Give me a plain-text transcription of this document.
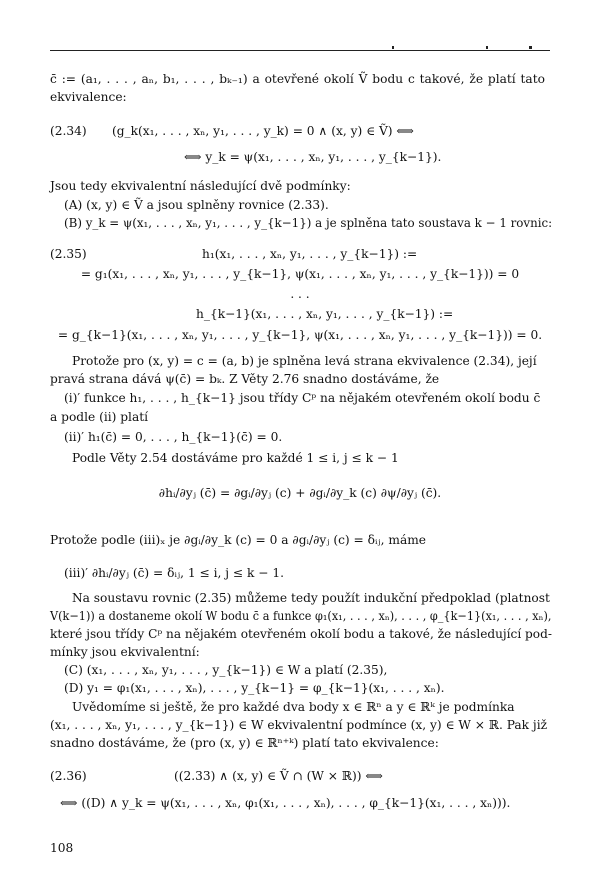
c̄ := (a₁, . . . , aₙ, b₁, . . . , bₖ₋₁) a otevřené okolí Ṽ bodu c takové, že platí tato
ekvivalence:
(2.34) (g_k(x₁, . . . , xₙ, y₁, . . . , y_k) = 0 ∧ (x, y) ∈ Ṽ) ⟺
⟺ y_k = ψ(x₁, . . . , xₙ, y₁, . . . , y_{k−1}).
Jsou tedy ekvivalentní následující dvě podmínky:
(A) (x, y) ∈ Ṽ a jsou splněny rovnice (2.33).
(B) y_k = ψ(x₁, . . . , xₙ, y₁, . . . , y_{k−1}) a je splněna tato soustava k − 1 rovnic:
(2.35)	h₁(x₁, . . . , xₙ, y₁, . . . , y_{k−1}) :=
= g₁(x₁, . . . , xₙ, y₁, . . . , y_{k−1}, ψ(x₁, . . . , xₙ, y₁, . . . , y_{k−1})) = 0
. . .
h_{k−1}(x₁, . . . , xₙ, y₁, . . . , y_{k−1}) :=
= g_{k−1}(x₁, . . . , xₙ, y₁, . . . , y_{k−1}, ψ(x₁, . . . , xₙ, y₁, . . . , y_{k−1})) = 0.
Protože pro (x, y) = c = (a, b) je splněna levá strana ekvivalence (2.34), její
pravá strana dává ψ(c̄) = bₖ. Z Věty 2.76 snadno dostáváme, že
(i)′ funkce h₁, . . . , h_{k−1} jsou třídy Cᵖ na nějakém otevřeném okolí bodu c̄
a podle (ii) platí
(ii)′ h₁(c̄) = 0, . . . , h_{k−1}(c̄) = 0.
Podle Věty 2.54 dostáváme pro každé 1 ≤ i, j ≤ k − 1
∂hᵢ/∂yⱼ (c̄) = ∂gᵢ/∂yⱼ (c) + ∂gᵢ/∂y_k (c) ∂ψ/∂yⱼ (c̄).
Protože podle (iii)ₓ je ∂gᵢ/∂y_k (c) = 0 a ∂gᵢ/∂yⱼ (c) = δᵢⱼ, máme
(iii)′ ∂hᵢ/∂yⱼ (c̄) = δᵢⱼ, 1 ≤ i, j ≤ k − 1.
Na soustavu rovnic (2.35) můžeme tedy použít indukční předpoklad (platnost
V(k−1)) a dostaneme okolí W bodu c̄ a funkce φ₁(x₁, . . . , xₙ), . . . , φ_{k−1}(x₁, . . . , xₙ),
které jsou třídy Cᵖ na nějakém otevřeném okolí bodu a takové, že následující pod-
mínky jsou ekvivalentní:
(C) (x₁, . . . , xₙ, y₁, . . . , y_{k−1}) ∈ W a platí (2.35),
(D) y₁ = φ₁(x₁, . . . , xₙ), . . . , y_{k−1} = φ_{k−1}(x₁, . . . , xₙ).
Uvědomíme si ještě, že pro každé dva body x ∈ ℝⁿ a y ∈ ℝᵏ je podmínka
(x₁, . . . , xₙ, y₁, . . . , y_{k−1}) ∈ W ekvivalentní podmínce (x, y) ∈ W × ℝ. Pak již
snadno dostáváme, že (pro (x, y) ∈ ℝⁿ⁺ᵏ) platí tato ekvivalence:
(2.36)	((2.33) ∧ (x, y) ∈ Ṽ ∩ (W × ℝ)) ⟺
⟺ ((D) ∧ y_k = ψ(x₁, . . . , xₙ, φ₁(x₁, . . . , xₙ), . . . , φ_{k−1}(x₁, . . . , xₙ))).
108
